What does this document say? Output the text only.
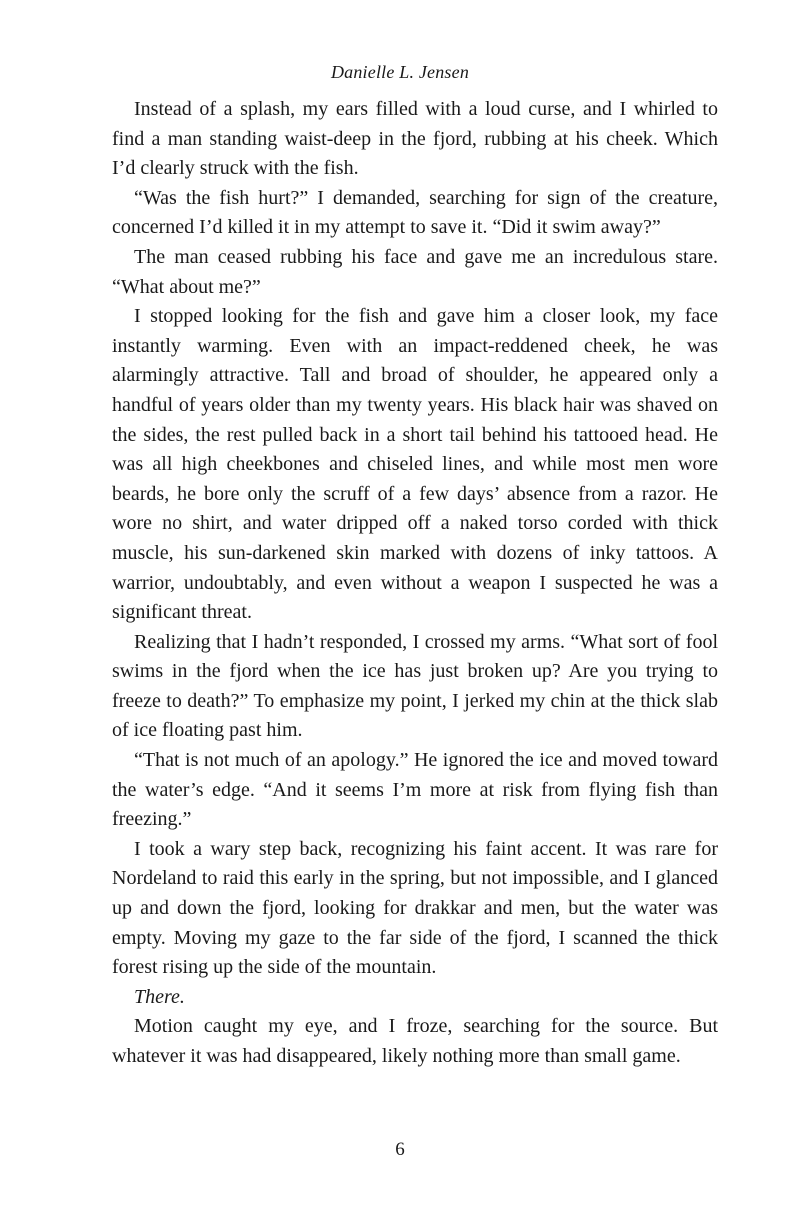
Danielle L. Jensen

Instead of a splash, my ears filled with a loud curse, and I whirled to find a man standing waist-deep in the fjord, rubbing at his cheek. Which I’d clearly struck with the fish.

“Was the fish hurt?” I demanded, searching for sign of the creature, concerned I’d killed it in my attempt to save it. “Did it swim away?”

The man ceased rubbing his face and gave me an incredulous stare. “What about me?”

I stopped looking for the fish and gave him a closer look, my face instantly warming. Even with an impact-reddened cheek, he was alarmingly attractive. Tall and broad of shoulder, he appeared only a handful of years older than my twenty years. His black hair was shaved on the sides, the rest pulled back in a short tail behind his tattooed head. He was all high cheekbones and chiseled lines, and while most men wore beards, he bore only the scruff of a few days’ absence from a razor. He wore no shirt, and water dripped off a naked torso corded with thick muscle, his sun-darkened skin marked with dozens of inky tattoos. A warrior, undoubtably, and even without a weapon I suspected he was a significant threat.

Realizing that I hadn’t responded, I crossed my arms. “What sort of fool swims in the fjord when the ice has just broken up? Are you trying to freeze to death?” To emphasize my point, I jerked my chin at the thick slab of ice floating past him.

“That is not much of an apology.” He ignored the ice and moved toward the water’s edge. “And it seems I’m more at risk from flying fish than freezing.”

I took a wary step back, recognizing his faint accent. It was rare for Nordeland to raid this early in the spring, but not impossible, and I glanced up and down the fjord, looking for drakkar and men, but the water was empty. Moving my gaze to the far side of the fjord, I scanned the thick forest rising up the side of the mountain.

There.

Motion caught my eye, and I froze, searching for the source. But whatever it was had disappeared, likely nothing more than small game.

6
